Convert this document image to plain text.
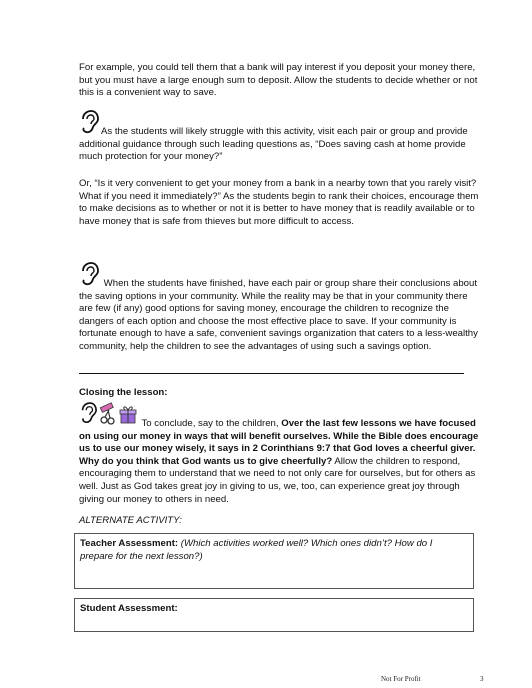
For example, you could tell them that a bank will pay interest if you deposit your money there, but you must have a large enough sum to deposit. Allow the students to decide whether or not this is a convenient way to save.

As the students will likely struggle with this activity, visit each pair or group and provide additional guidance through such leading questions as, “Does saving cash at home provide much protection for your money?”

Or, “Is it very convenient to get your money from a bank in a nearby town that you rarely visit? What if you need it immediately?” As the students begin to rank their choices, encourage them to make decisions as to whether or not it is better to have money that is readily available or to have money that is safe from thieves but more difficult to access.

When the students have finished, have each pair or group share their conclusions about the saving options in your community. While the reality may be that in your community there are few (if any) good options for saving money, encourage the children to recognize the dangers of each option and choose the most effective place to save. If your community is fortunate enough to have a safe, convenient savings organization that caters to a less-wealthy community, help the children to see the advantages of using such a savings option.

Closing the lesson:

To conclude, say to the children, Over the last few lessons we have focused on using our money in ways that will benefit ourselves. While the Bible does encourage us to use our money wisely, it says in 2 Corinthians 9:7 that God loves a cheerful giver. Why do you think that God wants us to give cheerfully? Allow the children to respond, encouraging them to understand that we need to not only care for ourselves, but for others as well. Just as God takes great joy in giving to us, we, too, can experience great joy through giving our money to others in need.

ALTERNATE ACTIVITY:

Teacher Assessment: (Which activities worked well? Which ones didn’t? How do I prepare for the next lesson?)
Student Assessment:
Not For Profit	3
